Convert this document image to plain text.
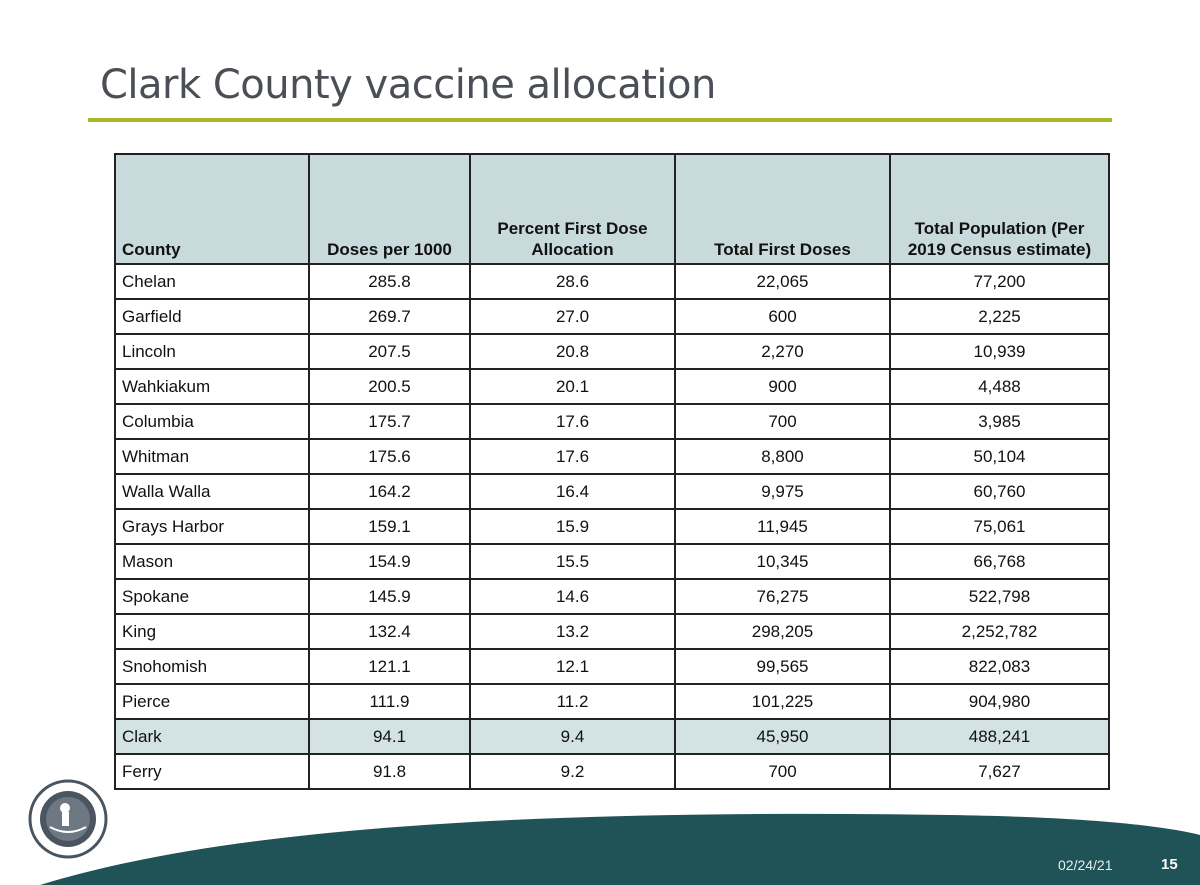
Clark County vaccine allocation
County	Doses per 1000	Percent First Dose Allocation	Total First Doses	Total Population (Per 2019 Census estimate)
Chelan	285.8	28.6	22,065	77,200
Garfield	269.7	27.0	600	2,225
Lincoln	207.5	20.8	2,270	10,939
Wahkiakum	200.5	20.1	900	4,488
Columbia	175.7	17.6	700	3,985
Whitman	175.6	17.6	8,800	50,104
Walla Walla	164.2	16.4	9,975	60,760
Grays Harbor	159.1	15.9	11,945	75,061
Mason	154.9	15.5	10,345	66,768
Spokane	145.9	14.6	76,275	522,798
King	132.4	13.2	298,205	2,252,782
Snohomish	121.1	12.1	99,565	822,083
Pierce	111.9	11.2	101,225	904,980
Clark	94.1	9.4	45,950	488,241
Ferry	91.8	9.2	700	7,627
02/24/21	15
